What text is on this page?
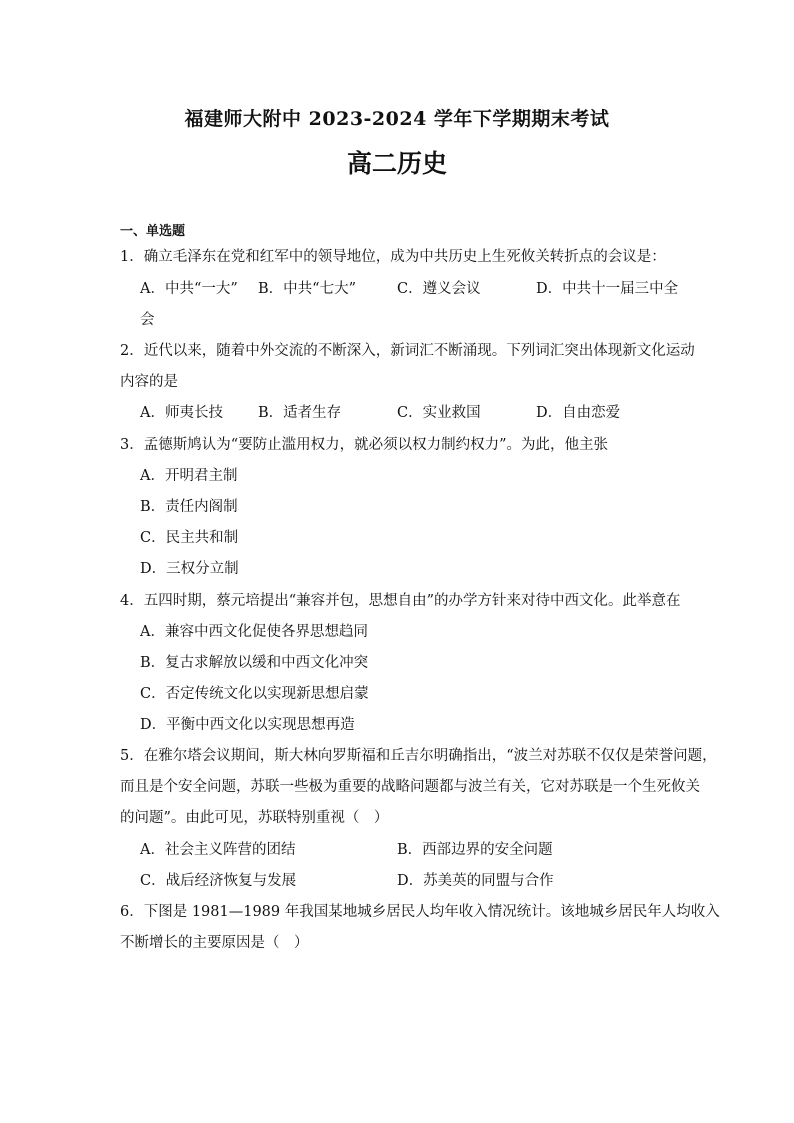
福建师大附中 2023-2024 学年下学期期末考试
高二历史
一、单选题
1．确立毛泽东在党和红军中的领导地位，成为中共历史上生死攸关转折点的会议是：
A．中共“一大” B．中共“七大”	C．遵义会议	D．中共十一届三中全
会
2．近代以来，随着中外交流的不断深入，新词汇不断涌现。下列词汇突出体现新文化运动
内容的是
A．师夷长技 B．适者生存	C．实业救国	D．自由恋爱
3．孟德斯鸠认为“要防止滥用权力，就必须以权力制约权力”。为此，他主张
A．开明君主制
B．责任内阁制
C．民主共和制
D．三权分立制
4．五四时期，蔡元培提出“兼容并包，思想自由”的办学方针来对待中西文化。此举意在
A．兼容中西文化促使各界思想趋同
B．复古求解放以缓和中西文化冲突
C．否定传统文化以实现新思想启蒙
D．平衡中西文化以实现思想再造
5．在雅尔塔会议期间，斯大林向罗斯福和丘吉尔明确指出，“波兰对苏联不仅仅是荣誉问题，
而且是个安全问题，苏联一些极为重要的战略问题都与波兰有关，它对苏联是一个生死攸关
的问题”。由此可见，苏联特别重视（　）
A．社会主义阵营的团结	B．西部边界的安全问题
C．战后经济恢复与发展	D．苏美英的同盟与合作
6．下图是 1981—1989 年我国某地城乡居民人均年收入情况统计。该地城乡居民年人均收入
不断增长的主要原因是（　）
